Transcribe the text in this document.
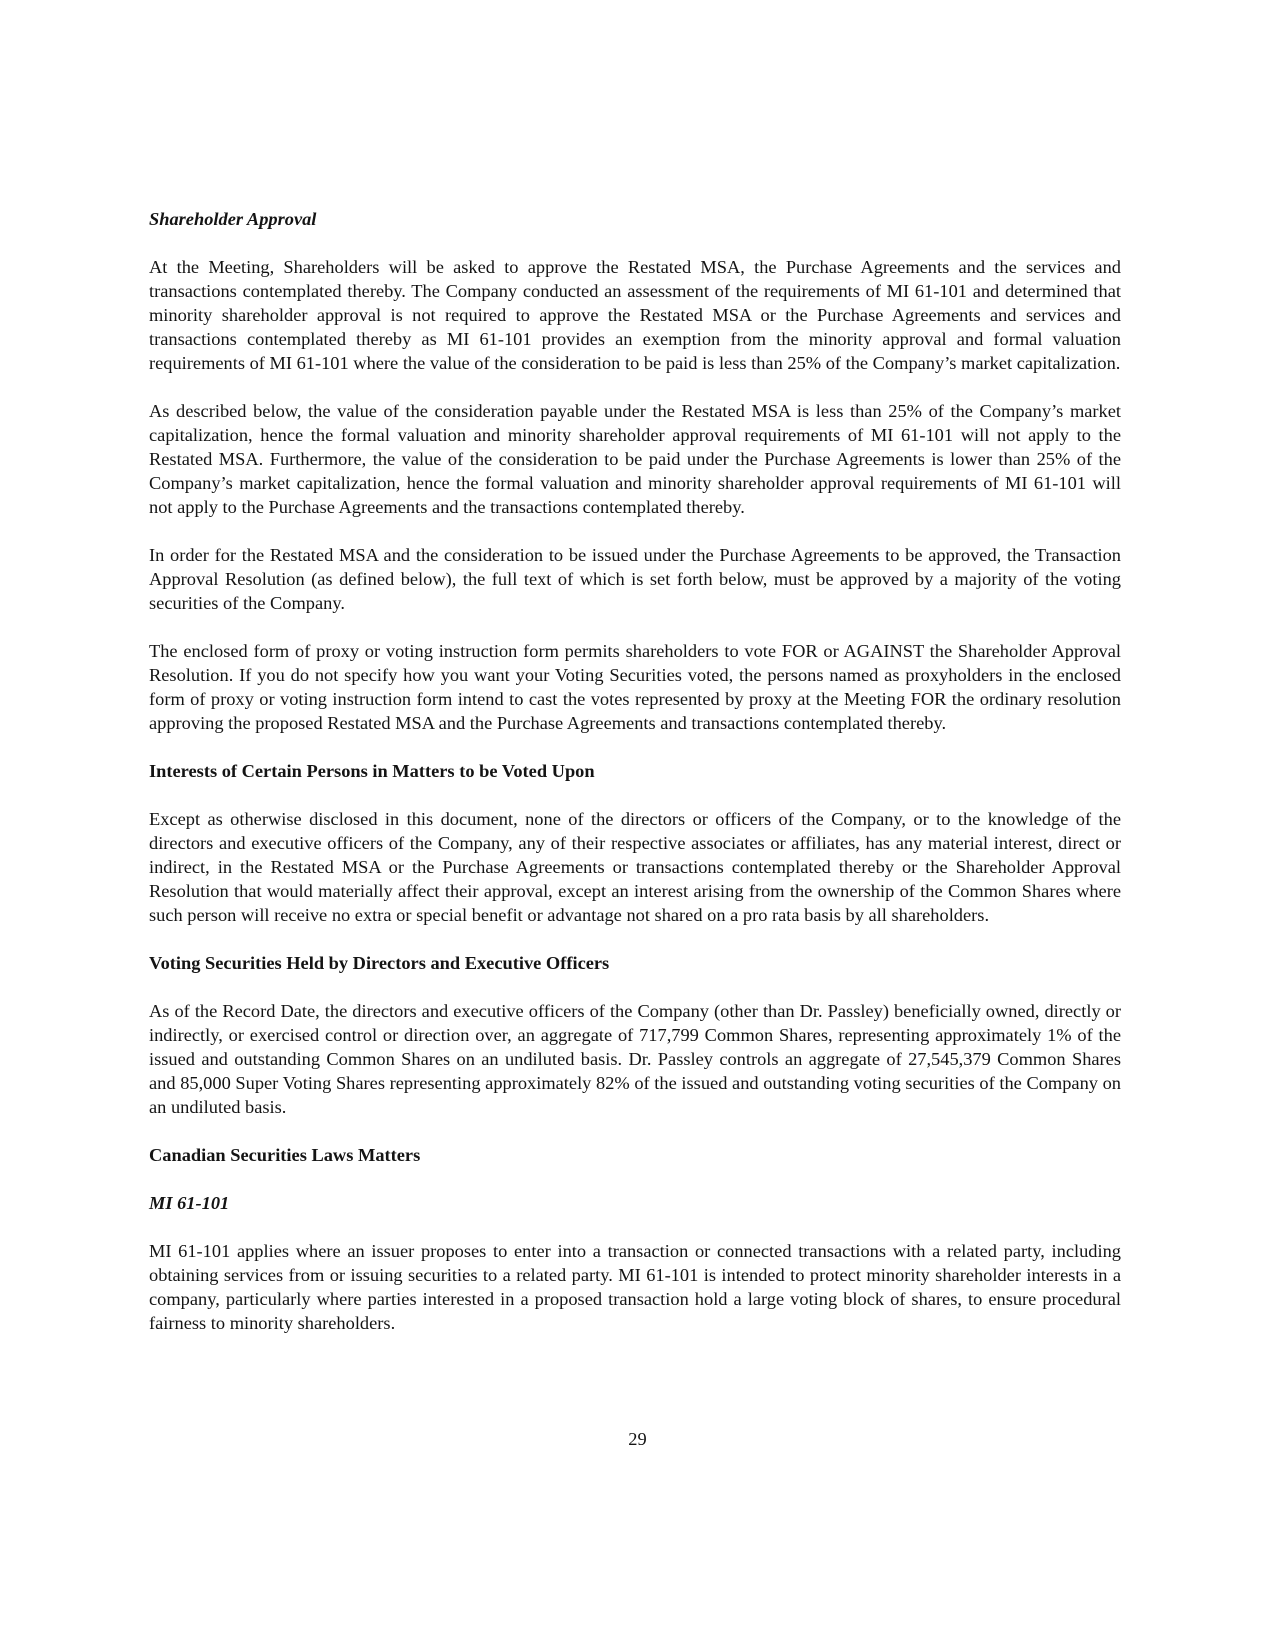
Shareholder Approval

At the Meeting, Shareholders will be asked to approve the Restated MSA, the Purchase Agreements and the services and transactions contemplated thereby. The Company conducted an assessment of the requirements of MI 61-101 and determined that minority shareholder approval is not required to approve the Restated MSA or the Purchase Agreements and services and transactions contemplated thereby as MI 61-101 provides an exemption from the minority approval and formal valuation requirements of MI 61-101 where the value of the consideration to be paid is less than 25% of the Company’s market capitalization.

As described below, the value of the consideration payable under the Restated MSA is less than 25% of the Company’s market capitalization, hence the formal valuation and minority shareholder approval requirements of MI 61-101 will not apply to the Restated MSA. Furthermore, the value of the consideration to be paid under the Purchase Agreements is lower than 25% of the Company’s market capitalization, hence the formal valuation and minority shareholder approval requirements of MI 61-101 will not apply to the Purchase Agreements and the transactions contemplated thereby.

In order for the Restated MSA and the consideration to be issued under the Purchase Agreements to be approved, the Transaction Approval Resolution (as defined below), the full text of which is set forth below, must be approved by a majority of the voting securities of the Company.

The enclosed form of proxy or voting instruction form permits shareholders to vote FOR or AGAINST the Shareholder Approval Resolution. If you do not specify how you want your Voting Securities voted, the persons named as proxyholders in the enclosed form of proxy or voting instruction form intend to cast the votes represented by proxy at the Meeting FOR the ordinary resolution approving the proposed Restated MSA and the Purchase Agreements and transactions contemplated thereby.

Interests of Certain Persons in Matters to be Voted Upon

Except as otherwise disclosed in this document, none of the directors or officers of the Company, or to the knowledge of the directors and executive officers of the Company, any of their respective associates or affiliates, has any material interest, direct or indirect, in the Restated MSA or the Purchase Agreements or transactions contemplated thereby or the Shareholder Approval Resolution that would materially affect their approval, except an interest arising from the ownership of the Common Shares where such person will receive no extra or special benefit or advantage not shared on a pro rata basis by all shareholders.

Voting Securities Held by Directors and Executive Officers

As of the Record Date, the directors and executive officers of the Company (other than Dr. Passley) beneficially owned, directly or indirectly, or exercised control or direction over, an aggregate of 717,799 Common Shares, representing approximately 1% of the issued and outstanding Common Shares on an undiluted basis. Dr. Passley controls an aggregate of 27,545,379 Common Shares and 85,000 Super Voting Shares representing approximately 82% of the issued and outstanding voting securities of the Company on an undiluted basis.

Canadian Securities Laws Matters
MI 61-101

MI 61-101 applies where an issuer proposes to enter into a transaction or connected transactions with a related party, including obtaining services from or issuing securities to a related party. MI 61-101 is intended to protect minority shareholder interests in a company, particularly where parties interested in a proposed transaction hold a large voting block of shares, to ensure procedural fairness to minority shareholders.

29
